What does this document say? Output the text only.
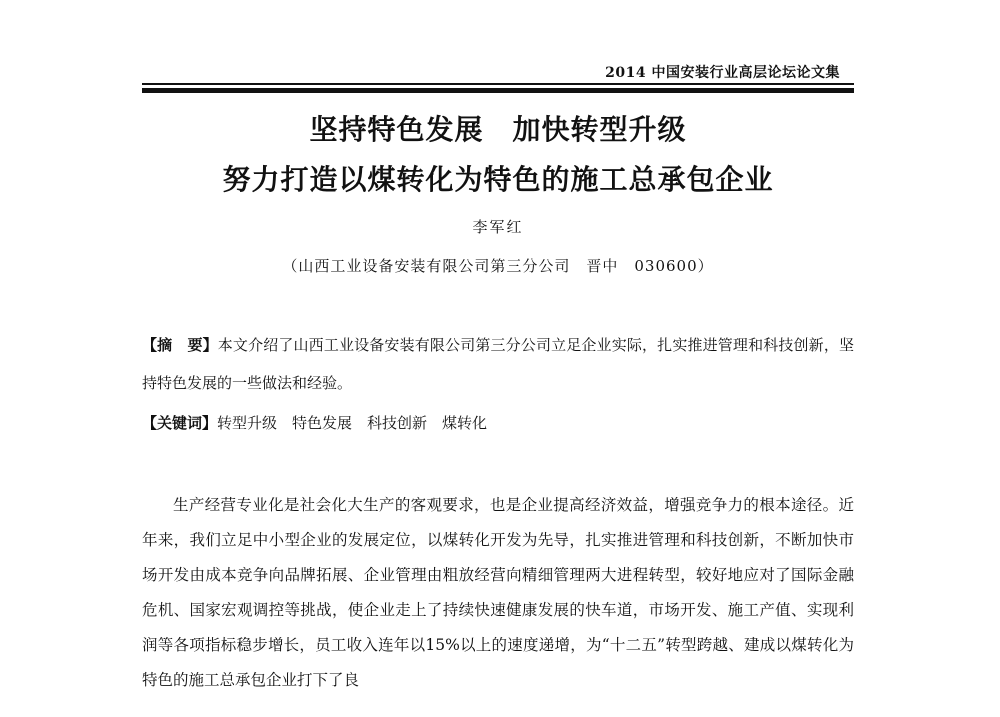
2014 中国安装行业高层论坛论文集
坚持特色发展　加快转型升级
努力打造以煤转化为特色的施工总承包企业
李军红
（山西工业设备安装有限公司第三分公司　晋中　030600）

【摘　要】本文介绍了山西工业设备安装有限公司第三分公司立足企业实际，扎实推进管理和科技创新，坚持特色发展的一些做法和经验。

【关键词】转型升级　特色发展　科技创新　煤转化

生产经营专业化是社会化大生产的客观要求，也是企业提高经济效益，增强竞争力的根本途径。近年来，我们立足中小型企业的发展定位，以煤转化开发为先导，扎实推进管理和科技创新，不断加快市场开发由成本竞争向品牌拓展、企业管理由粗放经营向精细管理两大进程转型，较好地应对了国际金融危机、国家宏观调控等挑战，使企业走上了持续快速健康发展的快车道，市场开发、施工产值、实现利润等各项指标稳步增长，员工收入连年以15%以上的速度递增，为“十二五”转型跨越、建成以煤转化为特色的施工总承包企业打下了良
